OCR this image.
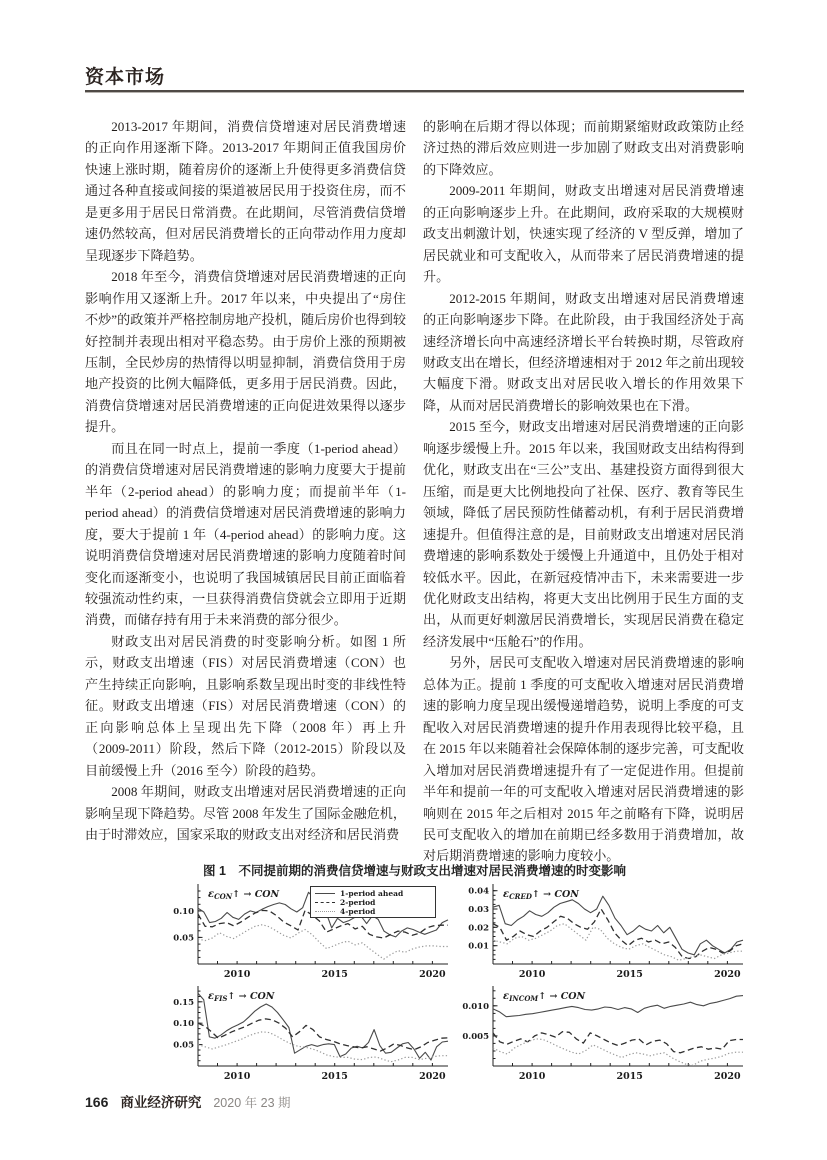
资本市场

2013-2017 年期间，消费信贷增速对居民消费增速的正向作用逐渐下降。2013-2017 年期间正值我国房价快速上涨时期，随着房价的逐渐上升使得更多消费信贷通过各种直接或间接的渠道被居民用于投资住房，而不是更多用于居民日常消费。在此期间，尽管消费信贷增速仍然较高，但对居民消费增长的正向带动作用力度却呈现逐步下降趋势。

2018 年至今，消费信贷增速对居民消费增速的正向影响作用又逐渐上升。2017 年以来，中央提出了“房住不炒”的政策并严格控制房地产投机，随后房价也得到较好控制并表现出相对平稳态势。由于房价上涨的预期被压制，全民炒房的热情得以明显抑制，消费信贷用于房地产投资的比例大幅降低，更多用于居民消费。因此，消费信贷增速对居民消费增速的正向促进效果得以逐步提升。

而且在同一时点上，提前一季度（1-period ahead）的消费信贷增速对居民消费增速的影响力度要大于提前半年（2-period ahead）的影响力度；而提前半年（1-period ahead）的消费信贷增速对居民消费增速的影响力度，要大于提前 1 年（4-period ahead）的影响力度。这说明消费信贷增速对居民消费增速的影响力度随着时间变化而逐渐变小，也说明了我国城镇居民目前正面临着较强流动性约束，一旦获得消费信贷就会立即用于近期消费，而储存持有用于未来消费的部分很少。

财政支出对居民消费的时变影响分析。如图 1 所示，财政支出增速（FIS）对居民消费增速（CON）也产生持续正向影响，且影响系数呈现出时变的非线性特征。财政支出增速（FIS）对居民消费增速（CON）的正向影响总体上呈现出先下降（2008 年）再上升（2009-2011）阶段，然后下降（2012-2015）阶段以及目前缓慢上升（2016 至今）阶段的趋势。

2008 年期间，财政支出增速对居民消费增速的正向影响呈现下降趋势。尽管 2008 年发生了国际金融危机，由于时滞效应，国家采取的财政支出对经济和居民消费

的影响在后期才得以体现；而前期紧缩财政政策防止经济过热的滞后效应则进一步加剧了财政支出对消费影响的下降效应。

2009-2011 年期间，财政支出增速对居民消费增速的正向影响逐步上升。在此期间，政府采取的大规模财政支出刺激计划，快速实现了经济的 V 型反弹，增加了居民就业和可支配收入，从而带来了居民消费增速的提升。

2012-2015 年期间，财政支出增速对居民消费增速的正向影响逐步下降。在此阶段，由于我国经济处于高速经济增长向中高速经济增长平台转换时期，尽管政府财政支出在增长，但经济增速相对于 2012 年之前出现较大幅度下滑。财政支出对居民收入增长的作用效果下降，从而对居民消费增长的影响效果也在下滑。

2015 至今，财政支出增速对居民消费增速的正向影响逐步缓慢上升。2015 年以来，我国财政支出结构得到优化，财政支出在“三公”支出、基建投资方面得到很大压缩，而是更大比例地投向了社保、医疗、教育等民生领域，降低了居民预防性储蓄动机，有利于居民消费增速提升。但值得注意的是，目前财政支出增速对居民消费增速的影响系数处于缓慢上升通道中，且仍处于相对较低水平。因此，在新冠疫情冲击下，未来需要进一步优化财政支出结构，将更大支出比例用于民生方面的支出，从而更好刺激居民消费增长，实现居民消费在稳定经济发展中“压舱石”的作用。

另外，居民可支配收入增速对居民消费增速的影响总体为正。提前 1 季度的可支配收入增速对居民消费增速的影响力度呈现出缓慢递增趋势，说明上季度的可支配收入对居民消费增速的提升作用表现得比较平稳，且在 2015 年以来随着社会保障体制的逐步完善，可支配收入增加对居民消费增速提升有了一定促进作用。但提前半年和提前一年的可支配收入增速对居民消费增速的影响则在 2015 年之后相对 2015 年之前略有下降，说明居民可支配收入的增加在前期已经多数用于消费增加，故对后期消费增速的影响力度较小。

图 1　不同提前期的消费信贷增速与财政支出增速对居民消费增速的时变影响
0.05
0.10
2010	2015	2020
$\varepsilon_{CON}↑$ → CON	1-period ahead
2-period
4-period
0.01
0.02
0.03
0.04
2010	2015	2020
$\varepsilon_{CRED}↑$ → CON
0.05
0.10
0.15
2010	2015	2020
$\varepsilon_{FIS}↑$ → CON
0.005
0.010
2010	2015	2020
$\varepsilon_{INCOM}↑$ → CON
166 商业经济研究 2020 年 23 期
